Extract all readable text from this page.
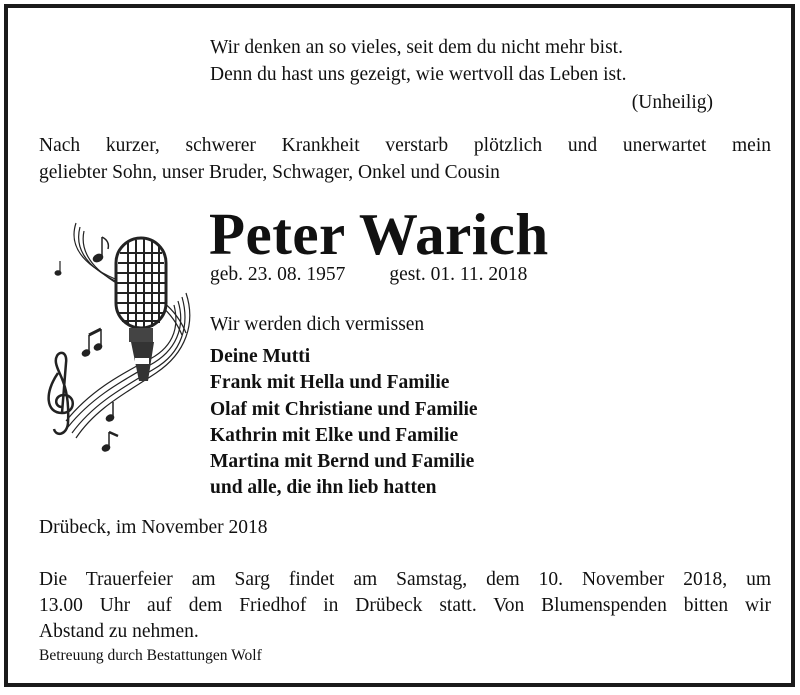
Wir denken an so vieles, seit dem du nicht mehr bist.
Denn du hast uns gezeigt, wie wertvoll das Leben ist.
(Unheilig)
Nach kurzer, schwerer Krankheit verstarb plötzlich und unerwartet mein
geliebter Sohn, unser Bruder, Schwager, Onkel und Cousin
Peter Warich
geb. 23. 08. 1957 gest. 01. 11. 2018
Wir werden dich vermissen
Deine Mutti
Frank mit Hella und Familie
Olaf mit Christiane und Familie
Kathrin mit Elke und Familie
Martina mit Bernd und Familie
und alle, die ihn lieb hatten
Drübeck, im November 2018
Die Trauerfeier am Sarg findet am Samstag, dem 10. November 2018, um
13.00 Uhr auf dem Friedhof in Drübeck statt. Von Blumenspenden bitten wir
Abstand zu nehmen.
Betreuung durch Bestattungen Wolf
